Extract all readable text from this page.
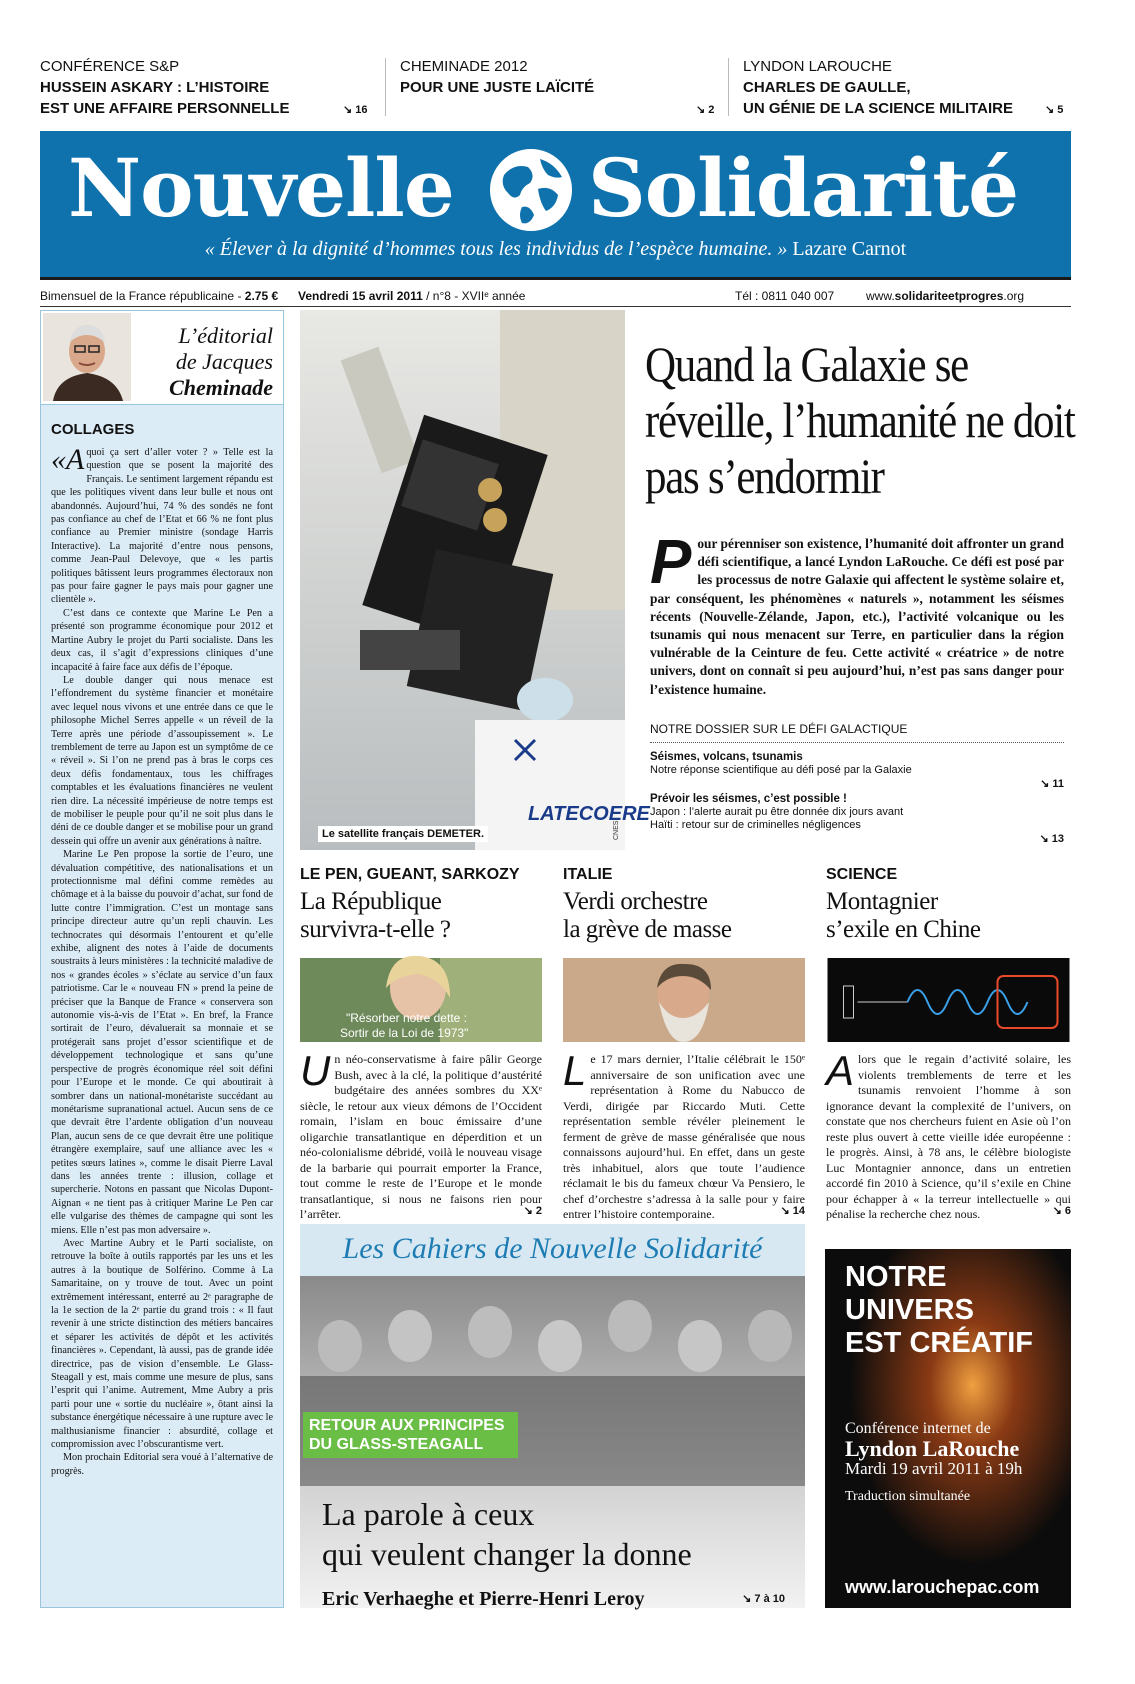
CONFÉRENCE S&P
HUSSEIN ASKARY : L’HISTOIRE
EST UNE AFFAIRE PERSONNELLE	↘ 16
CHEMINADE 2012
POUR UNE JUSTE LAÏCITÉ
↘ 2
LYNDON LAROUCHE
CHARLES DE GAULLE,
UN GÉNIE DE LA SCIENCE MILITAIRE	↘ 5
Nouvelle Solidarité
« Élever à la dignité d’hommes tous les individus de l’espèce humaine. » Lazare Carnot
Bimensuel de la France républicaine - 2.75 € Vendredi 15 avril 2011 / n°8 - XVIIᵉ année	Tél : 0811 040 007	www.solidariteetprogres.org
L’éditorial
de Jacques
Cheminade
COLLAGES

«Aquoi ça sert d’aller voter ? » Telle est la question que se posent la majorité des Français. Le sentiment largement répandu est que les politiques vivent dans leur bulle et nous ont abandonnés. Aujourd’hui, 74 % des sondés ne font pas confiance au chef de l’Etat et 66 % ne font plus confiance au Premier ministre (sondage Harris Interactive). La majorité d’entre nous pensons, comme Jean-Paul Delevoye, que « les partis politiques bâtissent leurs programmes électoraux non pas pour faire gagner le pays mais pour gagner une clientèle ».

C’est dans ce contexte que Marine Le Pen a présenté son programme économique pour 2012 et Martine Aubry le projet du Parti socialiste. Dans les deux cas, il s’agit d’expressions cliniques d’une incapacité à faire face aux défis de l’époque.

Le double danger qui nous menace est l’effondrement du système financier et monétaire avec lequel nous vivons et une entrée dans ce que le philosophe Michel Serres appelle « un réveil de la Terre après une période d’assoupissement ». Le tremblement de terre au Japon est un symptôme de ce « réveil ». Si l’on ne prend pas à bras le corps ces deux défis fondamentaux, tous les chiffrages comptables et les évaluations financières ne veulent rien dire. La nécessité impérieuse de notre temps est de mobiliser le peuple pour qu’il ne soit plus dans le déni de ce double danger et se mobilise pour un grand dessein qui offre un avenir aux générations à naître.

Marine Le Pen propose la sortie de l’euro, une dévaluation compétitive, des nationalisations et un protectionnisme mal défini comme remèdes au chômage et à la baisse du pouvoir d’achat, sur fond de lutte contre l’immigration. C’est un montage sans principe directeur autre qu’un repli chauvin. Les technocrates qui désormais l’entourent et qu’elle exhibe, alignent des notes à l’aide de documents soustraits à leurs ministères : la technicité maladive de nos « grandes écoles » s’éclate au service d’un faux patriotisme. Car le « nouveau FN » prend la peine de préciser que la Banque de France « conservera son autonomie vis-à-vis de l’Etat ». En bref, la France sortirait de l’euro, dévaluerait sa monnaie et se protégerait sans projet d’essor scientifique et de développement technologique et sans qu’une perspective de progrès économique réel soit défini pour l’Europe et le monde. Ce qui aboutirait à sombrer dans un national-monétariste succédant au monétarisme supranational actuel. Aucun sens de ce que devrait être l’ardente obligation d’un nouveau Plan, aucun sens de ce que devrait être une politique étrangère exemplaire, sauf une alliance avec les « petites sœurs latines », comme le disait Pierre Laval dans les années trente : illusion, collage et supercherie. Notons en passant que Nicolas Dupont-Aignan « ne tient pas à critiquer Marine Le Pen car elle vulgarise des thèmes de campagne qui sont les miens. Elle n’est pas mon adversaire ».

Avec Martine Aubry et le Parti socialiste, on retrouve la boîte à outils rapportés par les uns et les autres à la boutique de Solférino. Comme à La Samaritaine, on y trouve de tout. Avec un point extrêmement intéressant, enterré au 2ᵉ paragraphe de la 1e section de la 2ᵉ partie du grand trois : « Il faut revenir à une stricte distinction des métiers bancaires et séparer les activités de dépôt et les activités financières ». Cependant, là aussi, pas de grande idée directrice, pas de vision d’ensemble. Le Glass-Steagall y est, mais comme une mesure de plus, sans l’esprit qui l’anime. Autrement, Mme Aubry a pris parti pour une « sortie du nucléaire », ôtant ainsi la substance énergétique nécessaire à une rupture avec le malthusianisme financier : absurdité, collage et compromission avec l’obscurantisme vert.

Mon prochain Editorial sera voué à l’alternative de progrès.

LATECOERE
CNES
Le satellite français DEMETER.
Quand la Galaxie se réveille, l’humanité ne doit pas s’endormir
Pour pérenniser son existence, l’humanité doit affronter un grand défi scientifique, a lancé Lyndon LaRouche. Ce défi est posé par les processus de notre Galaxie qui affectent le système solaire et, par conséquent, les phénomènes « naturels », notamment les séismes récents (Nouvelle-Zélande, Japon, etc.), l’activité volcanique ou les tsunamis qui nous menacent sur Terre, en particulier dans la région vulnérable de la Ceinture de feu. Cette activité « créatrice » de notre univers, dont on connaît si peu aujourd’hui, n’est pas sans danger pour l’existence humaine.
NOTRE DOSSIER SUR LE DÉFI GALACTIQUE
Séismes, volcans, tsunamis
Notre réponse scientifique au défi posé par la Galaxie
↘ 11
Prévoir les séismes, c’est possible !
Japon : l’alerte aurait pu être donnée dix jours avant
Haïti : retour sur de criminelles négligences
↘ 13
LE PEN, GUEANT, SARKOZY
La République
survivra-t-elle ?
"Résorber notre dette :
Sortir de la Loi de 1973"
Un néo-conservatisme à faire pâlir George Bush, avec à la clé, la politique d’austérité budgétaire des années sombres du XXᵉ siècle, le retour aux vieux démons de l’Occident romain, l’islam en bouc émissaire d’une oligarchie transatlantique en déperdition et un néo-colonialisme débridé, voilà le nouveau visage de la barbarie qui pourrait emporter la France, tout comme le reste de l’Europe et le monde transatlantique, si nous ne faisons rien pour l’arrêter.	↘ 2
ITALIE
Verdi orchestre
la grève de masse
Le 17 mars dernier, l’Italie célébrait le 150ᵉ anniversaire de son unification avec une représentation à Rome du Nabucco de Verdi, dirigée par Riccardo Muti. Cette représentation semble révéler pleinement le ferment de grève de masse généralisée que nous connaissons aujourd’hui. En effet, dans un geste très inhabituel, alors que toute l’audience réclamait le bis du fameux chœur Va Pensiero, le chef d’orchestre s’adressa à la salle pour y faire entrer l’histoire contemporaine.	↘ 14
SCIENCE
Montagnier
s’exile en Chine
Alors que le regain d’activité solaire, les violents tremblements de terre et les tsunamis renvoient l’homme à son ignorance devant la complexité de l’univers, on constate que nos chercheurs fuient en Asie où l’on reste plus ouvert à cette vieille idée européenne : le progrès. Ainsi, à 78 ans, le célèbre biologiste Luc Montagnier annonce, dans un entretien accordé fin 2010 à Science, qu’il s’exile en Chine pour échapper à « la terreur intellectuelle » qui pénalise la recherche chez nous.	↘ 6
Les Cahiers de Nouvelle Solidarité
RETOUR AUX PRINCIPES
DU GLASS-STEAGALL
La parole à ceux
qui veulent changer la donne
Eric Verhaeghe et Pierre-Henri Leroy	↘ 7 à 10
NOTRE
UNIVERS
EST CRÉATIF
Conférence internet de
Lyndon LaRouche
Mardi 19 avril 2011 à 19h
Traduction simultanée
www.larouchepac.com
